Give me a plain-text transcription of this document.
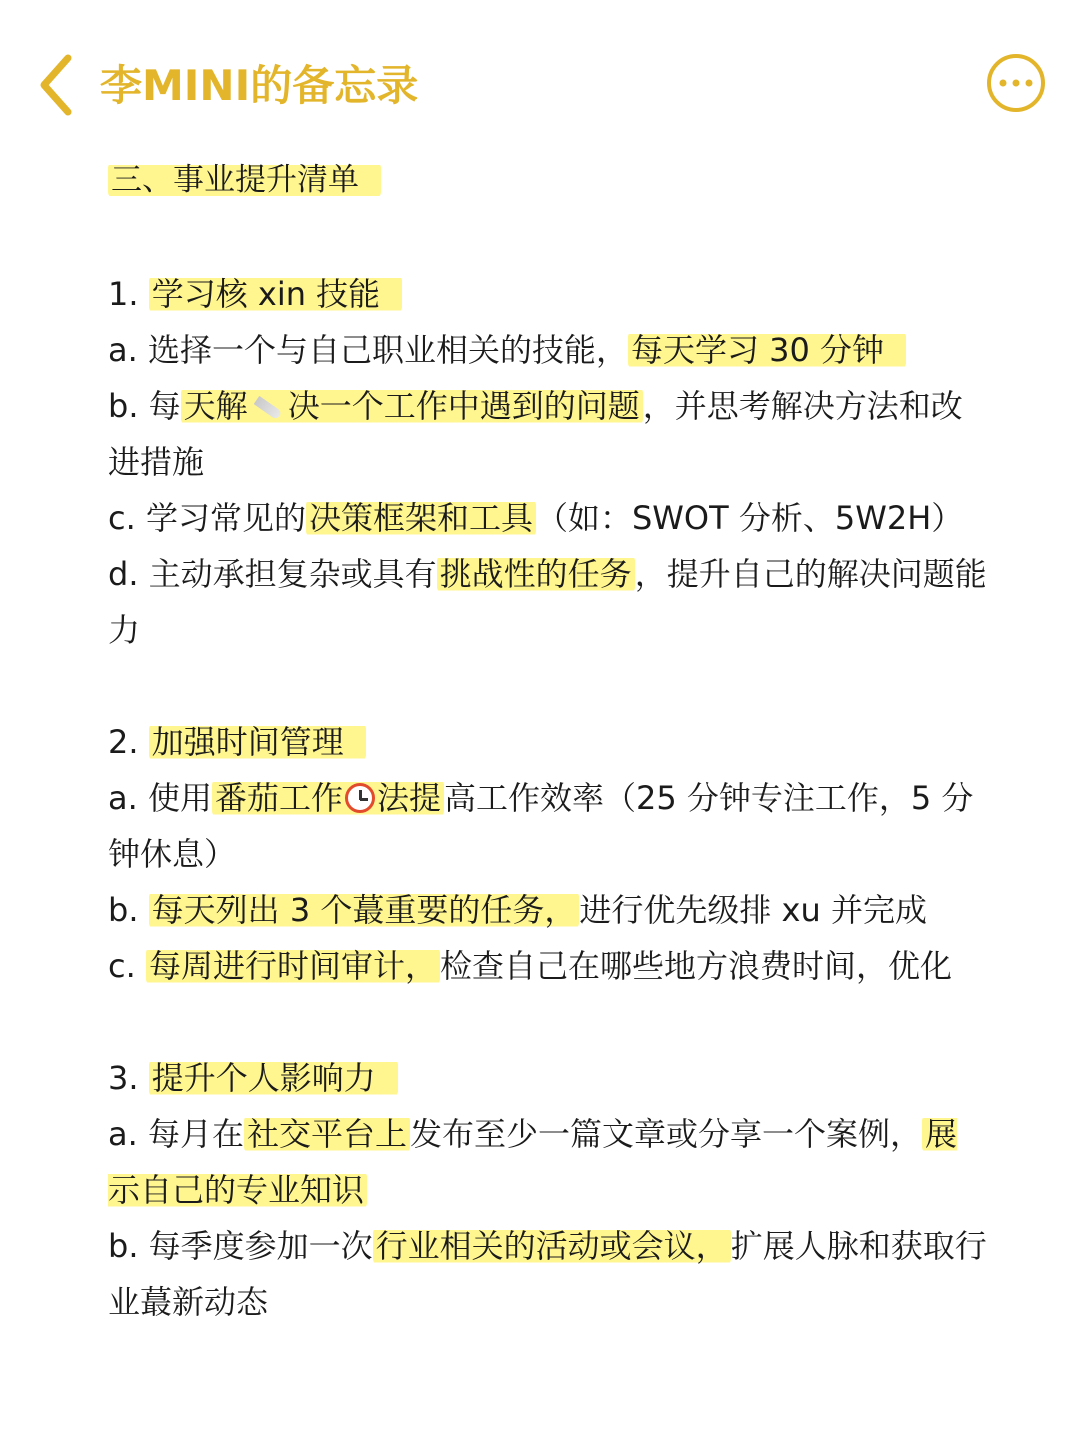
李MINI的备忘录
三、事业提升清单
1. 学习核 xin 技能
a. 选择一个与自己职业相关的技能，每天学习 30 分钟
b. 每天解 决一个工作中遇到的问题，并思考解决方法和改进措施
c. 学习常见的决策框架和工具（如：SWOT 分析、5W2H）
d. 主动承担复杂或具有挑战性的任务，提升自己的解决问题能力
2. 加强时间管理
a. 使用番茄工作 法提高工作效率（25 分钟专注工作，5 分钟休息）
b. 每天列出 3 个蕞重要的任务，进行优先级排 xu 并完成
c. 每周进行时间审计，检查自己在哪些地方浪费时间，优化
3. 提升个人影响力
a. 每月在社交平台上发布至少一篇文章或分享一个案例，展示自己的专业知识
b. 每季度参加一次行业相关的活动或会议，扩展人脉和获取行业蕞新动态
